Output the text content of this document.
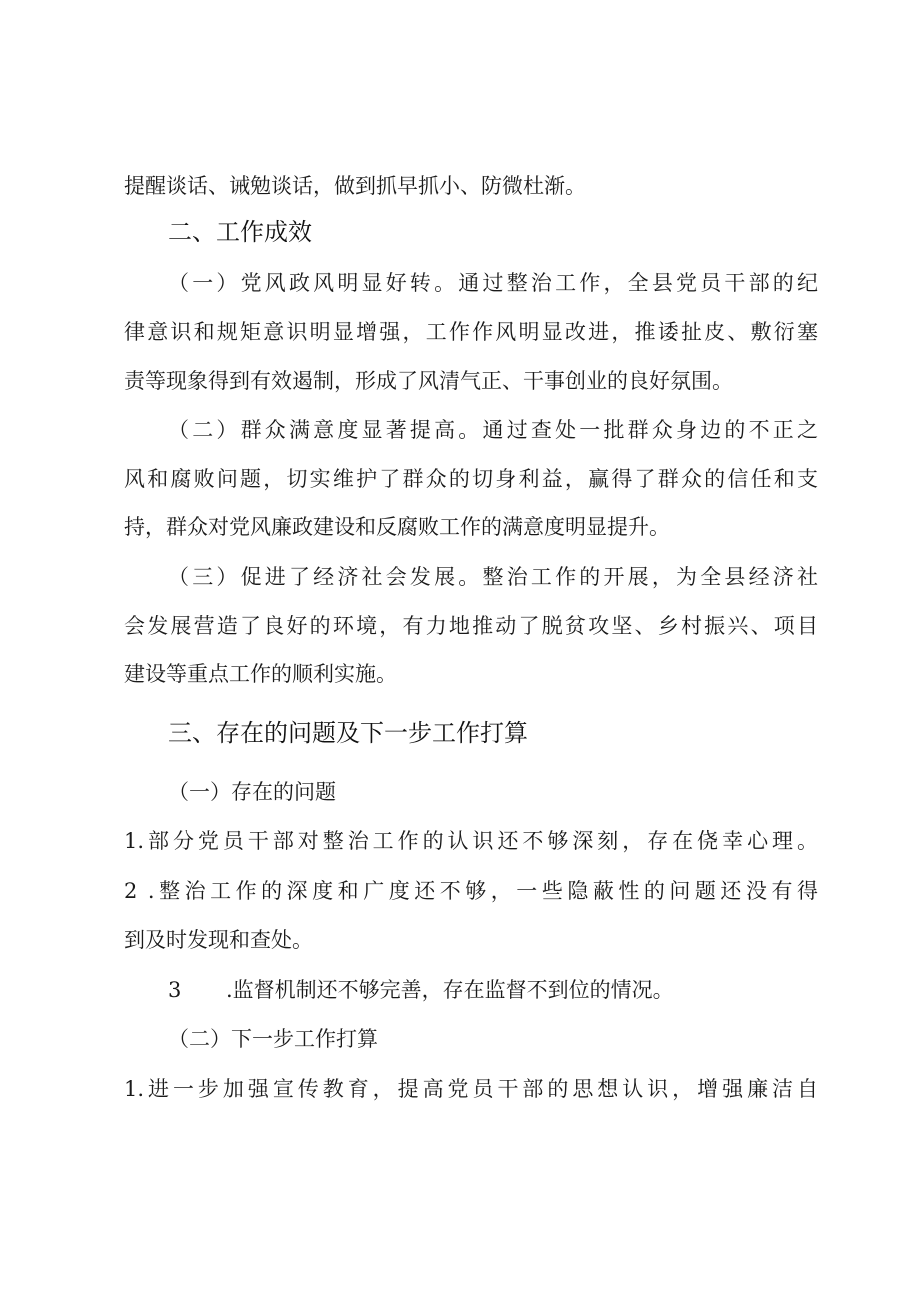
提醒谈话、诫勉谈话，做到抓早抓小、防微杜渐。
二、工作成效
（一）党风政风明显好转。通过整治工作，全县党员干部的纪
律意识和规矩意识明显增强，工作作风明显改进，推诿扯皮、敷衍塞
责等现象得到有效遏制，形成了风清气正、干事创业的良好氛围。
（二）群众满意度显著提高。通过查处一批群众身边的不正之
风和腐败问题，切实维护了群众的切身利益，赢得了群众的信任和支
持，群众对党风廉政建设和反腐败工作的满意度明显提升。
（三）促进了经济社会发展。整治工作的开展，为全县经济社
会发展营造了良好的环境，有力地推动了脱贫攻坚、乡村振兴、项目
建设等重点工作的顺利实施。
三、存在的问题及下一步工作打算
（一）存在的问题
1.部分党员干部对整治工作的认识还不够深刻，存在侥幸心理。
2  .整治工作的深度和广度还不够，一些隐蔽性的问题还没有得
到及时发现和查处。
3 .监督机制还不够完善，存在监督不到位的情况。
（二）下一步工作打算
1.进一步加强宣传教育，提高党员干部的思想认识，增强廉洁自
